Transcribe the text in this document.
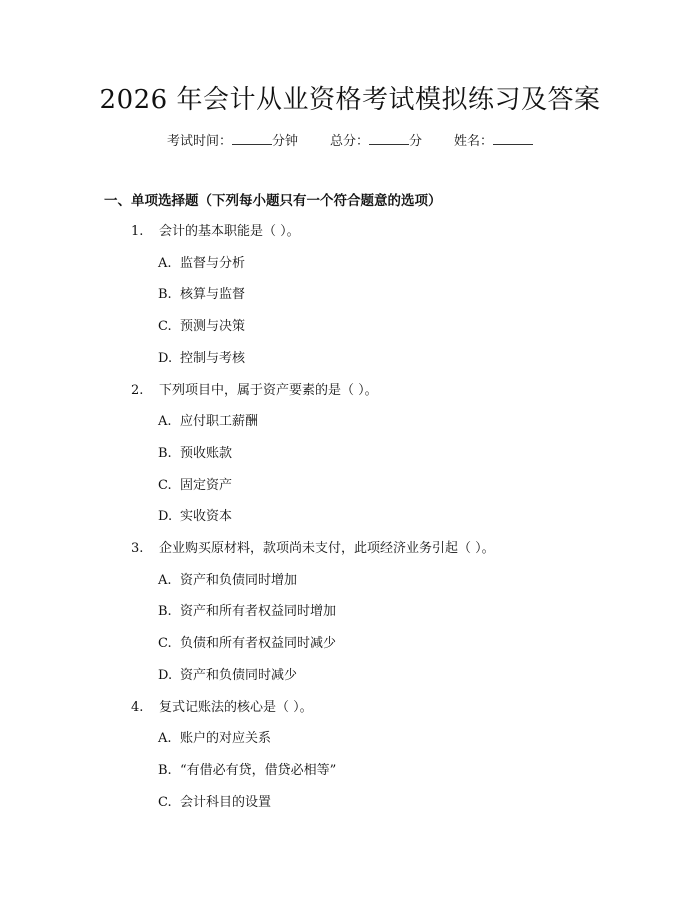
2026 年会计从业资格考试模拟练习及答案
考试时间：	分钟 总分：	分 姓名：
一、单项选择题（下列每小题只有一个符合题意的选项）
1. 会计的基本职能是（ ）。
A. 监督与分析
B. 核算与监督
C. 预测与决策
D. 控制与考核
2. 下列项目中，属于资产要素的是（ ）。
A. 应付职工薪酬
B. 预收账款
C. 固定资产
D. 实收资本
3. 企业购买原材料，款项尚未支付，此项经济业务引起（ ）。
A. 资产和负债同时增加
B. 资产和所有者权益同时增加
C. 负债和所有者权益同时减少
D. 资产和负债同时减少
4. 复式记账法的核心是（ ）。
A. 账户的对应关系
B. “有借必有贷，借贷必相等”
C. 会计科目的设置
